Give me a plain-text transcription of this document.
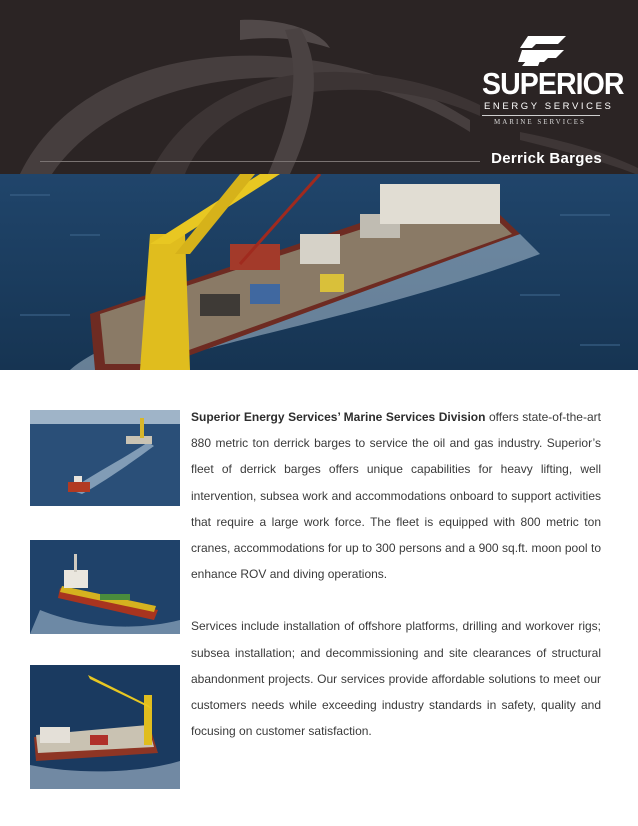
SUPERIOR
ENERGY SERVICES
MARINE SERVICES
Derrick Barges

Superior Energy Services’ Marine Services Division offers state-of-the-art 880 metric ton derrick barges to service the oil and gas industry. Superior’s fleet of derrick barges offers unique capabilities for heavy lifting, well intervention, subsea work and accommodations onboard to support activities that require a large work force. The fleet is equipped with 800 metric ton cranes, accommodations for up to 300 persons and a 900 sq.ft. moon pool to enhance ROV and diving operations.

Services include installation of offshore platforms, drilling and workover rigs; subsea installation; and decommissioning and site clearances of structural abandonment projects. Our services provide affordable solutions to meet our customers needs while exceeding industry standards in safety, quality and focusing on customer satisfaction.
